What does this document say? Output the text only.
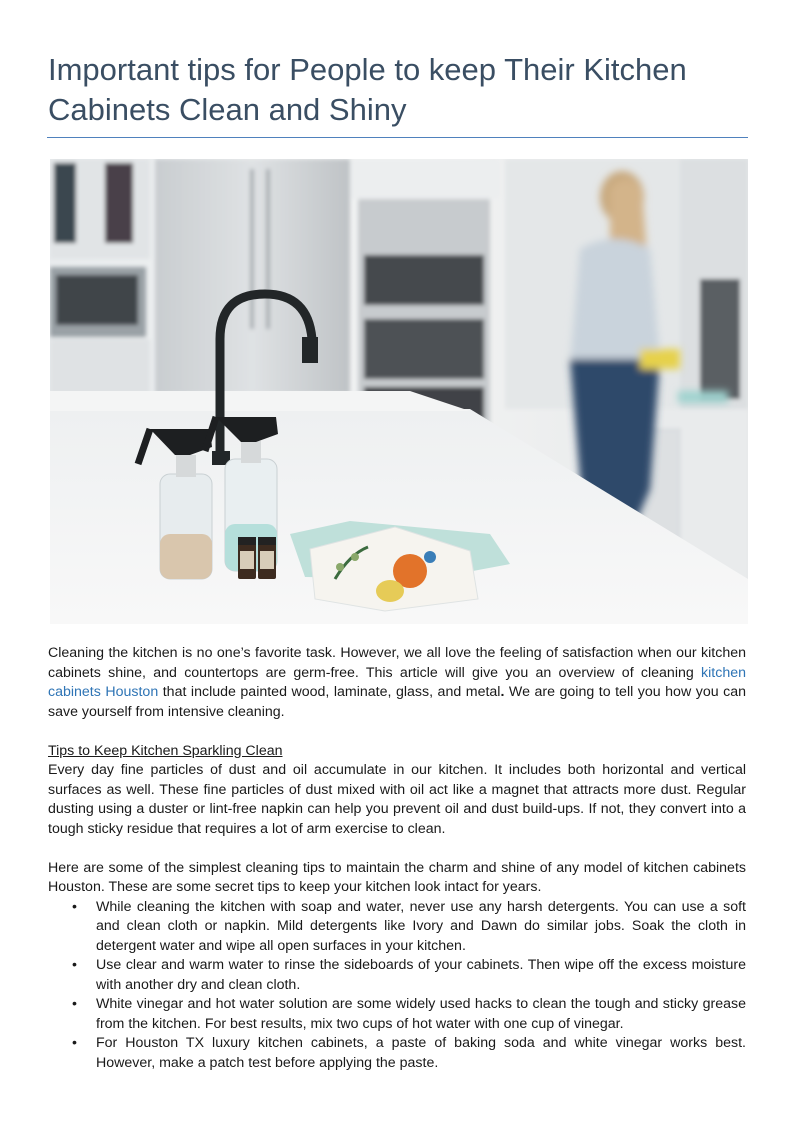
Important tips for People to keep Their Kitchen Cabinets Clean and Shiny

Cleaning the kitchen is no one’s favorite task. However, we all love the feeling of satisfaction when our kitchen cabinets shine, and countertops are germ-free. This article will give you an overview of cleaning kitchen cabinets Houston that include painted wood, laminate, glass, and metal. We are going to tell you how you can save yourself from intensive cleaning.

Tips to Keep Kitchen Sparkling Clean

Every day fine particles of dust and oil accumulate in our kitchen. It includes both horizontal and vertical surfaces as well. These fine particles of dust mixed with oil act like a magnet that attracts more dust. Regular dusting using a duster or lint-free napkin can help you prevent oil and dust build-ups. If not, they convert into a tough sticky residue that requires a lot of arm exercise to clean.

Here are some of the simplest cleaning tips to maintain the charm and shine of any model of kitchen cabinets Houston. These are some secret tips to keep your kitchen look intact for years.

• While cleaning the kitchen with soap and water, never use any harsh detergents. You can use a soft and clean cloth or napkin. Mild detergents like Ivory and Dawn do similar jobs. Soak the cloth in detergent water and wipe all open surfaces in your kitchen.
• Use clear and warm water to rinse the sideboards of your cabinets. Then wipe off the excess moisture with another dry and clean cloth.
• White vinegar and hot water solution are some widely used hacks to clean the tough and sticky grease from the kitchen. For best results, mix two cups of hot water with one cup of vinegar.
• For Houston TX luxury kitchen cabinets, a paste of baking soda and white vinegar works best. However, make a patch test before applying the paste.
